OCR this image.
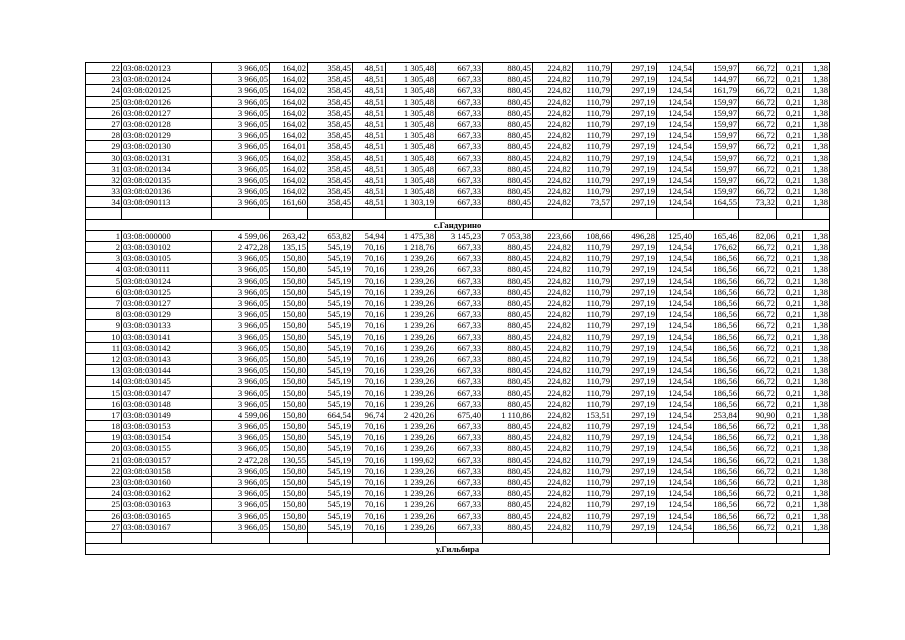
22	03:08:020123	3 966,05	164,02	358,45	48,51	1 305,48	667,33	880,45	224,82	110,79	297,19	124,54	159,97	66,72	0,21	1,38
23	03:08:020124	3 966,05	164,02	358,45	48,51	1 305,48	667,33	880,45	224,82	110,79	297,19	124,54	144,97	66,72	0,21	1,38
24	03:08:020125	3 966,05	164,02	358,45	48,51	1 305,48	667,33	880,45	224,82	110,79	297,19	124,54	161,79	66,72	0,21	1,38
25	03:08:020126	3 966,05	164,02	358,45	48,51	1 305,48	667,33	880,45	224,82	110,79	297,19	124,54	159,97	66,72	0,21	1,38
26	03:08:020127	3 966,05	164,02	358,45	48,51	1 305,48	667,33	880,45	224,82	110,79	297,19	124,54	159,97	66,72	0,21	1,38
27	03:08:020128	3 966,05	164,02	358,45	48,51	1 305,48	667,33	880,45	224,82	110,79	297,19	124,54	159,97	66,72	0,21	1,38
28	03:08:020129	3 966,05	164,02	358,45	48,51	1 305,48	667,33	880,45	224,82	110,79	297,19	124,54	159,97	66,72	0,21	1,38
29	03:08:020130	3 966,05	164,01	358,45	48,51	1 305,48	667,33	880,45	224,82	110,79	297,19	124,54	159,97	66,72	0,21	1,38
30	03:08:020131	3 966,05	164,02	358,45	48,51	1 305,48	667,33	880,45	224,82	110,79	297,19	124,54	159,97	66,72	0,21	1,38
31	03:08:020134	3 966,05	164,02	358,45	48,51	1 305,48	667,33	880,45	224,82	110,79	297,19	124,54	159,97	66,72	0,21	1,38
32	03:08:020135	3 966,05	164,02	358,45	48,51	1 305,48	667,33	880,45	224,82	110,79	297,19	124,54	159,97	66,72	0,21	1,38
33	03:08:020136	3 966,05	164,02	358,45	48,51	1 305,48	667,33	880,45	224,82	110,79	297,19	124,54	159,97	66,72	0,21	1,38
34	03:08:090113	3 966,05	161,60	358,45	48,51	1 303,19	667,33	880,45	224,82	73,57	297,19	124,54	164,55	73,32	0,21	1,38

с.Гандурино																
1	03:08:000000	4 599,06	263,42	653,82	54,94	1 475,38	3 145,23	7 053,38	223,66	108,66	496,28	125,40	165,46	82,06	0,21	1,38
2	03:08:030102	2 472,28	135,15	545,19	70,16	1 218,76	667,33	880,45	224,82	110,79	297,19	124,54	176,62	66,72	0,21	1,38
3	03:08:030105	3 966,05	150,80	545,19	70,16	1 239,26	667,33	880,45	224,82	110,79	297,19	124,54	186,56	66,72	0,21	1,38
4	03:08:030111	3 966,05	150,80	545,19	70,16	1 239,26	667,33	880,45	224,82	110,79	297,19	124,54	186,56	66,72	0,21	1,38
5	03:08:030124	3 966,05	150,80	545,19	70,16	1 239,26	667,33	880,45	224,82	110,79	297,19	124,54	186,56	66,72	0,21	1,38
6	03:08:030125	3 966,05	150,80	545,19	70,16	1 239,26	667,33	880,45	224,82	110,79	297,19	124,54	186,56	66,72	0,21	1,38
7	03:08:030127	3 966,05	150,80	545,19	70,16	1 239,26	667,33	880,45	224,82	110,79	297,19	124,54	186,56	66,72	0,21	1,38
8	03:08:030129	3 966,05	150,80	545,19	70,16	1 239,26	667,33	880,45	224,82	110,79	297,19	124,54	186,56	66,72	0,21	1,38
9	03:08:030133	3 966,05	150,80	545,19	70,16	1 239,26	667,33	880,45	224,82	110,79	297,19	124,54	186,56	66,72	0,21	1,38
10	03:08:030141	3 966,05	150,80	545,19	70,16	1 239,26	667,33	880,45	224,82	110,79	297,19	124,54	186,56	66,72	0,21	1,38
11	03:08:030142	3 966,05	150,80	545,19	70,16	1 239,26	667,33	880,45	224,82	110,79	297,19	124,54	186,56	66,72	0,21	1,38
12	03:08:030143	3 966,05	150,80	545,19	70,16	1 239,26	667,33	880,45	224,82	110,79	297,19	124,54	186,56	66,72	0,21	1,38
13	03:08:030144	3 966,05	150,80	545,19	70,16	1 239,26	667,33	880,45	224,82	110,79	297,19	124,54	186,56	66,72	0,21	1,38
14	03:08:030145	3 966,05	150,80	545,19	70,16	1 239,26	667,33	880,45	224,82	110,79	297,19	124,54	186,56	66,72	0,21	1,38
15	03:08:030147	3 966,05	150,80	545,19	70,16	1 239,26	667,33	880,45	224,82	110,79	297,19	124,54	186,56	66,72	0,21	1,38
16	03:08:030148	3 966,05	150,80	545,19	70,16	1 239,26	667,33	880,45	224,82	110,79	297,19	124,54	186,56	66,72	0,21	1,38
17	03:08:030149	4 599,06	150,80	664,54	96,74	2 420,26	675,40	1 110,86	224,82	153,51	297,19	124,54	253,84	90,90	0,21	1,38
18	03:08:030153	3 966,05	150,80	545,19	70,16	1 239,26	667,33	880,45	224,82	110,79	297,19	124,54	186,56	66,72	0,21	1,38
19	03:08:030154	3 966,05	150,80	545,19	70,16	1 239,26	667,33	880,45	224,82	110,79	297,19	124,54	186,56	66,72	0,21	1,38
20	03:08:030155	3 966,05	150,80	545,19	70,16	1 239,26	667,33	880,45	224,82	110,79	297,19	124,54	186,56	66,72	0,21	1,38
21	03:08:030157	2 472,28	130,55	545,19	70,16	1 199,62	667,33	880,45	224,82	110,79	297,19	124,54	186,56	66,72	0,21	1,38
22	03:08:030158	3 966,05	150,80	545,19	70,16	1 239,26	667,33	880,45	224,82	110,79	297,19	124,54	186,56	66,72	0,21	1,38
23	03:08:030160	3 966,05	150,80	545,19	70,16	1 239,26	667,33	880,45	224,82	110,79	297,19	124,54	186,56	66,72	0,21	1,38
24	03:08:030162	3 966,05	150,80	545,19	70,16	1 239,26	667,33	880,45	224,82	110,79	297,19	124,54	186,56	66,72	0,21	1,38
25	03:08:030163	3 966,05	150,80	545,19	70,16	1 239,26	667,33	880,45	224,82	110,79	297,19	124,54	186,56	66,72	0,21	1,38
26	03:08:030165	3 966,05	150,80	545,19	70,16	1 239,26	667,33	880,45	224,82	110,79	297,19	124,54	186,56	66,72	0,21	1,38
27	03:08:030167	3 966,05	150,80	545,19	70,16	1 239,26	667,33	880,45	224,82	110,79	297,19	124,54	186,56	66,72	0,21	1,38

у.Гильбира																
